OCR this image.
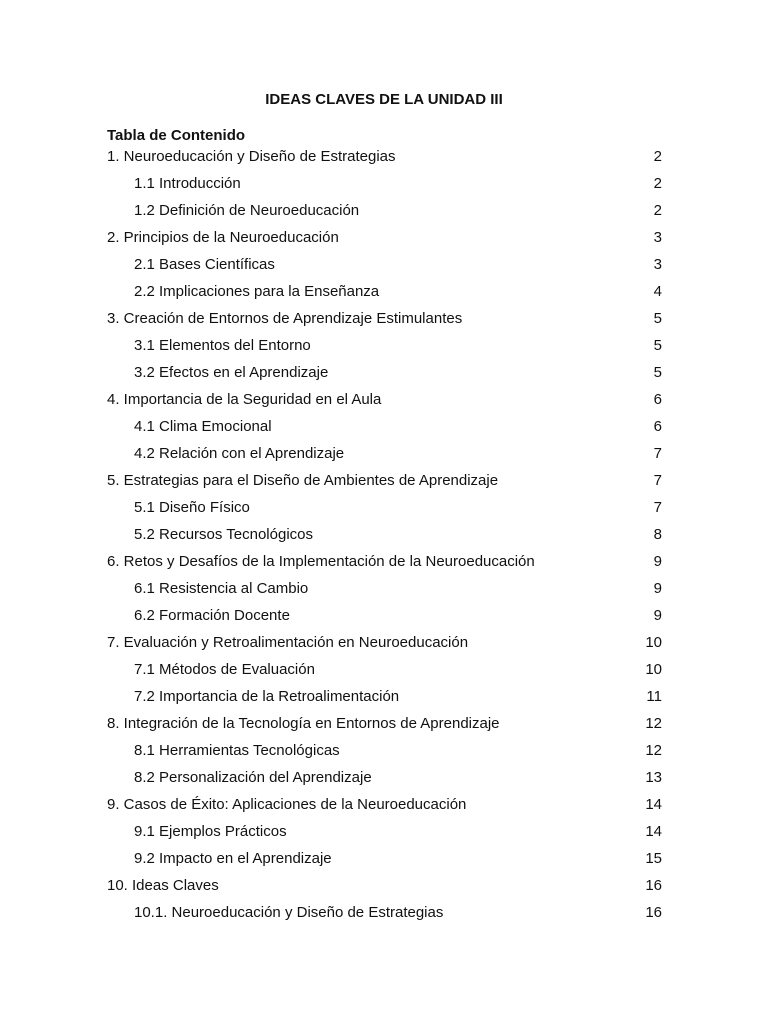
IDEAS CLAVES DE LA UNIDAD III
Tabla de Contenido
1. Neuroeducación y Diseño de Estrategias	2
1.1 Introducción	2
1.2 Definición de Neuroeducación	2
2. Principios de la Neuroeducación	3
2.1 Bases Científicas	3
2.2 Implicaciones para la Enseñanza	4
3. Creación de Entornos de Aprendizaje Estimulantes	5
3.1 Elementos del Entorno	5
3.2 Efectos en el Aprendizaje	5
4. Importancia de la Seguridad en el Aula	6
4.1 Clima Emocional	6
4.2 Relación con el Aprendizaje	7
5. Estrategias para el Diseño de Ambientes de Aprendizaje	7
5.1 Diseño Físico	7
5.2 Recursos Tecnológicos	8
6. Retos y Desafíos de la Implementación de la Neuroeducación	9
6.1 Resistencia al Cambio	9
6.2 Formación Docente	9
7. Evaluación y Retroalimentación en Neuroeducación	10
7.1 Métodos de Evaluación	10
7.2 Importancia de la Retroalimentación	11
8. Integración de la Tecnología en Entornos de Aprendizaje	12
8.1 Herramientas Tecnológicas	12
8.2 Personalización del Aprendizaje	13
9. Casos de Éxito: Aplicaciones de la Neuroeducación	14
9.1 Ejemplos Prácticos	14
9.2 Impacto en el Aprendizaje	15
10. Ideas Claves	16
10.1. Neuroeducación y Diseño de Estrategias	16
